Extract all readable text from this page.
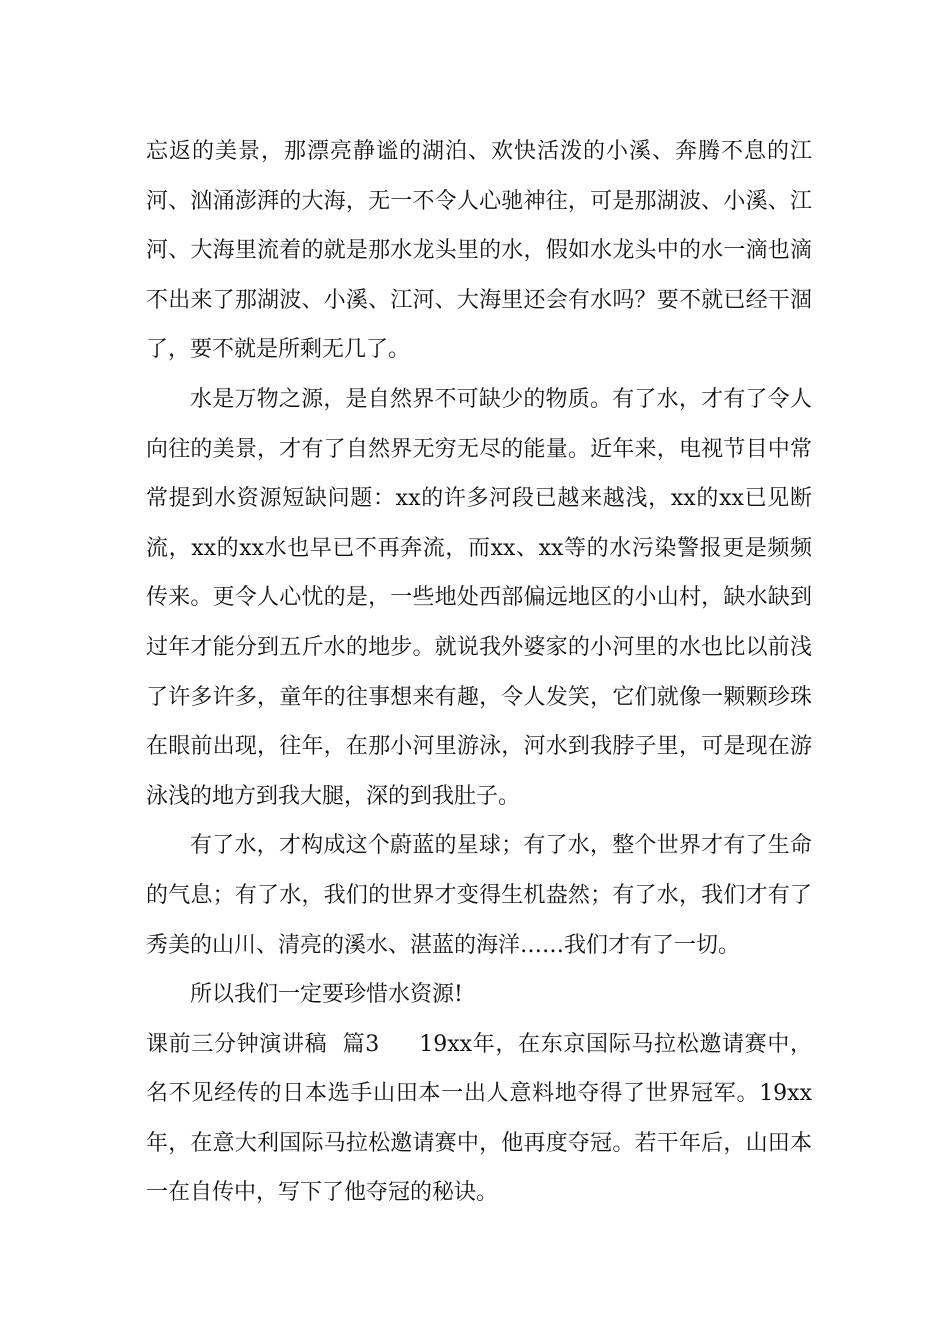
忘返的美景，那漂亮静谧的湖泊、欢快活泼的小溪、奔腾不息的江河、汹涌澎湃的大海，无一不令人心驰神往，可是那湖波、小溪、江河、大海里流着的就是那水龙头里的水，假如水龙头中的水一滴也滴不出来了那湖波、小溪、江河、大海里还会有水吗？要不就已经干涸了，要不就是所剩无几了。

水是万物之源，是自然界不可缺少的物质。有了水，才有了令人向往的美景，才有了自然界无穷无尽的能量。近年来，电视节目中常常提到水资源短缺问题：xx的许多河段已越来越浅，xx的xx已见断流，xx的xx水也早已不再奔流，而xx、xx等的水污染警报更是频频传来。更令人心忧的是，一些地处西部偏远地区的小山村，缺水缺到过年才能分到五斤水的地步。就说我外婆家的小河里的水也比以前浅了许多许多，童年的往事想来有趣，令人发笑，它们就像一颗颗珍珠在眼前出现，往年，在那小河里游泳，河水到我脖子里，可是现在游泳浅的地方到我大腿，深的到我肚子。

有了水，才构成这个蔚蓝的星球；有了水，整个世界才有了生命的气息；有了水，我们的世界才变得生机盎然；有了水，我们才有了秀美的山川、清亮的溪水、湛蓝的海洋……我们才有了一切。

所以我们一定要珍惜水资源!

课前三分钟演讲稿  篇3 19xx年，在东京国际马拉松邀请赛中，名不见经传的日本选手山田本一出人意料地夺得了世界冠军。19xx年，在意大利国际马拉松邀请赛中，他再度夺冠。若干年后，山田本一在自传中，写下了他夺冠的秘诀。
